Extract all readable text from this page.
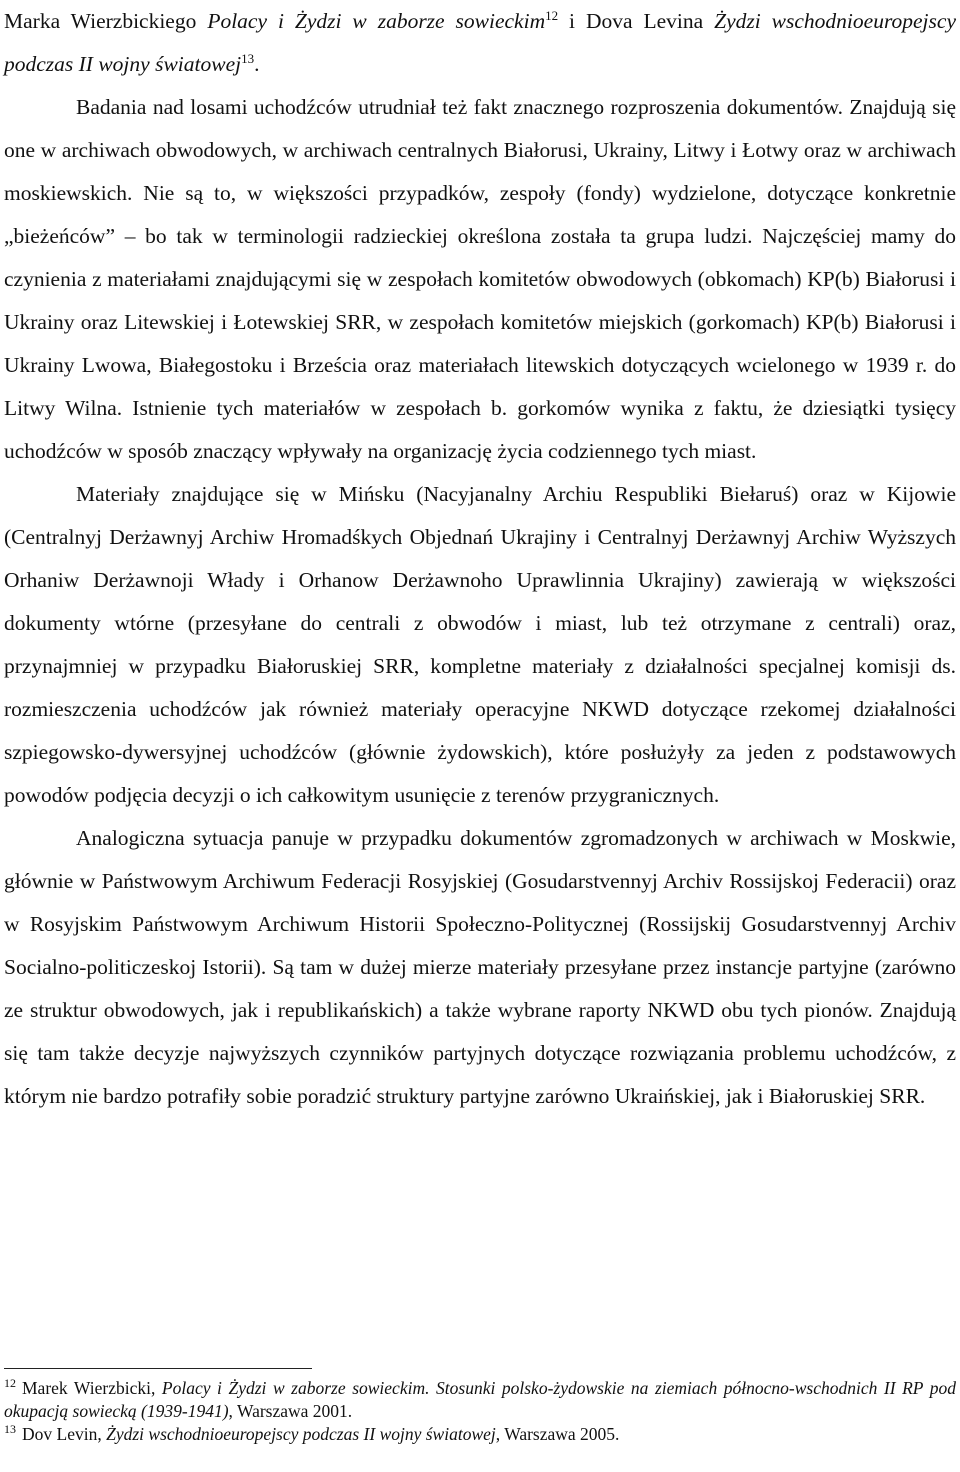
Marka Wierzbickiego Polacy i Żydzi w zaborze sowieckim$^{12}$ i Dova Levina Żydzi wschodnioeuropejscy podczas II wojny światowej$^{13}$.

Badania nad losami uchodźców utrudniał też fakt znacznego rozproszenia dokumentów. Znajdują się one w archiwach obwodowych, w archiwach centralnych Białorusi, Ukrainy, Litwy i Łotwy oraz w archiwach moskiewskich. Nie są to, w większości przypadków, zespoły (fondy) wydzielone, dotyczące konkretnie „bieżeńców” – bo tak w terminologii radzieckiej określona została ta grupa ludzi. Najczęściej mamy do czynienia z materiałami znajdującymi się w zespołach komitetów obwodowych (obkomach) KP(b) Białorusi i Ukrainy oraz Litewskiej i Łotewskiej SRR, w zespołach komitetów miejskich (gorkomach) KP(b) Białorusi i Ukrainy Lwowa, Białegostoku i Brześcia oraz materiałach litewskich dotyczących wcielonego w 1939 r. do Litwy Wilna. Istnienie tych materiałów w zespołach b. gorkomów wynika z faktu, że dziesiątki tysięcy uchodźców w sposób znaczący wpływały na organizację życia codziennego tych miast.

Materiały znajdujące się w Mińsku (Nacyjanalny Archiu Respubliki Biełaruś) oraz w Kijowie (Centralnyj Derżawnyj Archiw Hromadśkych Objednań Ukrajiny i Centralnyj Derżawnyj Archiw Wyższych Orhaniw Derżawnoji Władу i Orhanow Derżawnoho Uprawlinnia Ukrajiny) zawierają w większości dokumenty wtórne (przesyłane do centrali z obwodów i miast, lub też otrzymane z centrali) oraz, przynajmniej w przypadku Białoruskiej SRR, kompletne materiały z działalności specjalnej komisji ds. rozmieszczenia uchodźców jak również materiały operacyjne NKWD dotyczące rzekomej działalności szpiegowsko-dywersyjnej uchodźców (głównie żydowskich), które posłużyły za jeden z podstawowych powodów podjęcia decyzji o ich całkowitym usunięcie z terenów przygranicznych.

Analogiczna sytuacja panuje w przypadku dokumentów zgromadzonych w archiwach w Moskwie, głównie w Państwowym Archiwum Federacji Rosyjskiej (Gosudarstvennyj Archiv Rossijskoj Federacii) oraz w Rosyjskim Państwowym Archiwum Historii Społeczno-Politycznej (Rossijskij Gosudarstvennyj Archiv Socialno-politiczeskoj Istorii). Są tam w dużej mierze materiały przesyłane przez instancje partyjne (zarówno ze struktur obwodowych, jak i republikańskich) a także wybrane raporty NKWD obu tych pionów. Znajdują się tam także decyzje najwyższych czynników partyjnych dotyczące rozwiązania problemu uchodźców, z którym nie bardzo potrafiły sobie poradzić struktury partyjne zarówno Ukraińskiej, jak i Białoruskiej SRR.

$^{12}$ Marek Wierzbicki, Polacy i Żydzi w zaborze sowieckim. Stosunki polsko-żydowskie na ziemiach północno-wschodnich II RP pod okupacją sowiecką (1939-1941), Warszawa 2001.

$^{13}$ Dov Levin, Żydzi wschodnioeuropejscy podczas II wojny światowej, Warszawa 2005.
